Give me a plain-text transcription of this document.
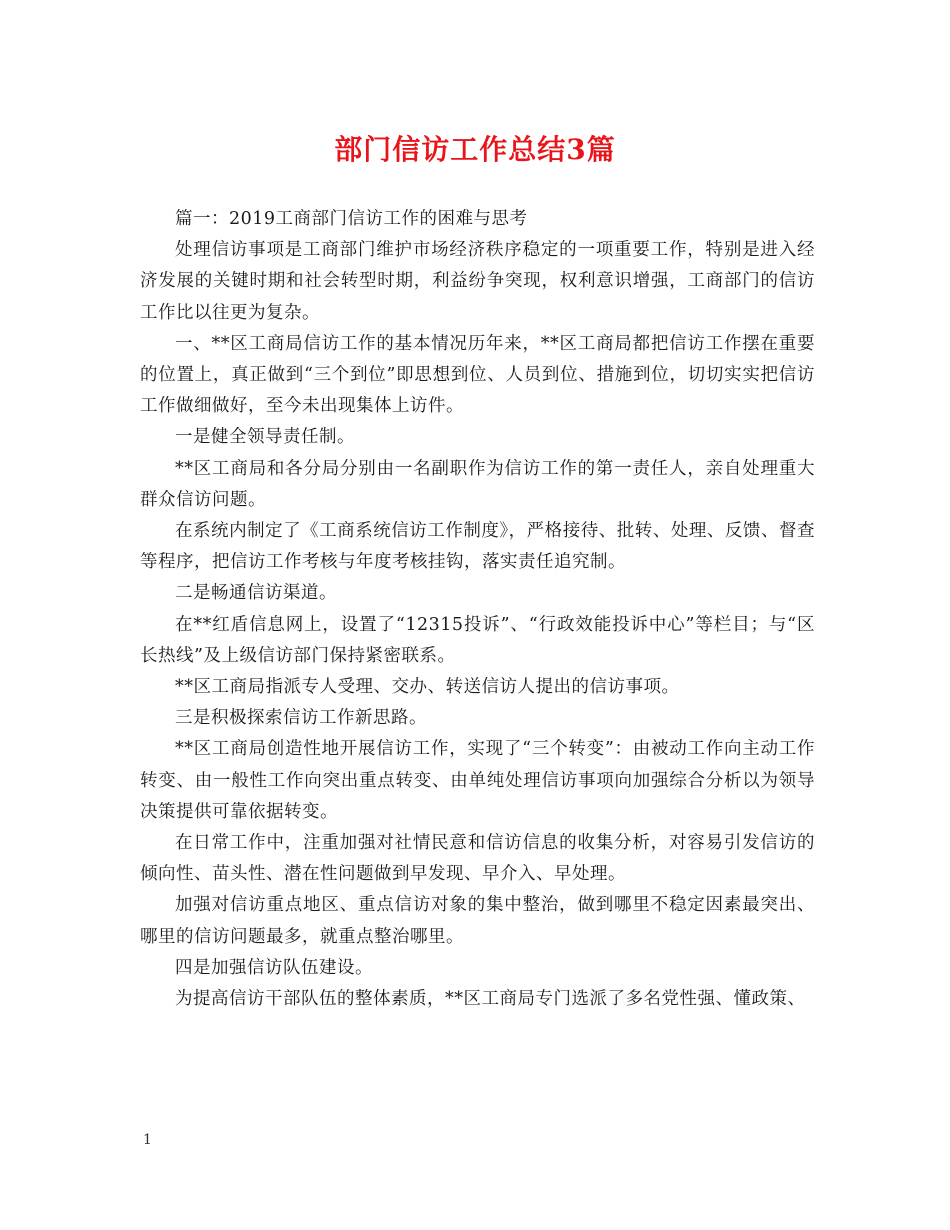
部门信访工作总结3篇

篇一：2019工商部门信访工作的困难与思考

处理信访事项是工商部门维护市场经济秩序稳定的一项重要工作，特别是进入经济发展的关键时期和社会转型时期，利益纷争突现，权利意识增强，工商部门的信访工作比以往更为复杂。

一、**区工商局信访工作的基本情况历年来，**区工商局都把信访工作摆在重要的位置上，真正做到“三个到位”即思想到位、人员到位、措施到位，切切实实把信访工作做细做好，至今未出现集体上访件。

一是健全领导责任制。

**区工商局和各分局分别由一名副职作为信访工作的第一责任人，亲自处理重大群众信访问题。

在系统内制定了《工商系统信访工作制度》，严格接待、批转、处理、反馈、督查等程序，把信访工作考核与年度考核挂钩，落实责任追究制。

二是畅通信访渠道。

在**红盾信息网上，设置了“12315投诉”、“行政效能投诉中心”等栏目；与“区长热线”及上级信访部门保持紧密联系。

**区工商局指派专人受理、交办、转送信访人提出的信访事项。

三是积极探索信访工作新思路。

**区工商局创造性地开展信访工作，实现了“三个转变”：由被动工作向主动工作转变、由一般性工作向突出重点转变、由单纯处理信访事项向加强综合分析以为领导决策提供可靠依据转变。

在日常工作中，注重加强对社情民意和信访信息的收集分析，对容易引发信访的倾向性、苗头性、潜在性问题做到早发现、早介入、早处理。

加强对信访重点地区、重点信访对象的集中整治，做到哪里不稳定因素最突出、哪里的信访问题最多，就重点整治哪里。

四是加强信访队伍建设。

为提高信访干部队伍的整体素质，**区工商局专门选派了多名党性强、懂政策、

1
